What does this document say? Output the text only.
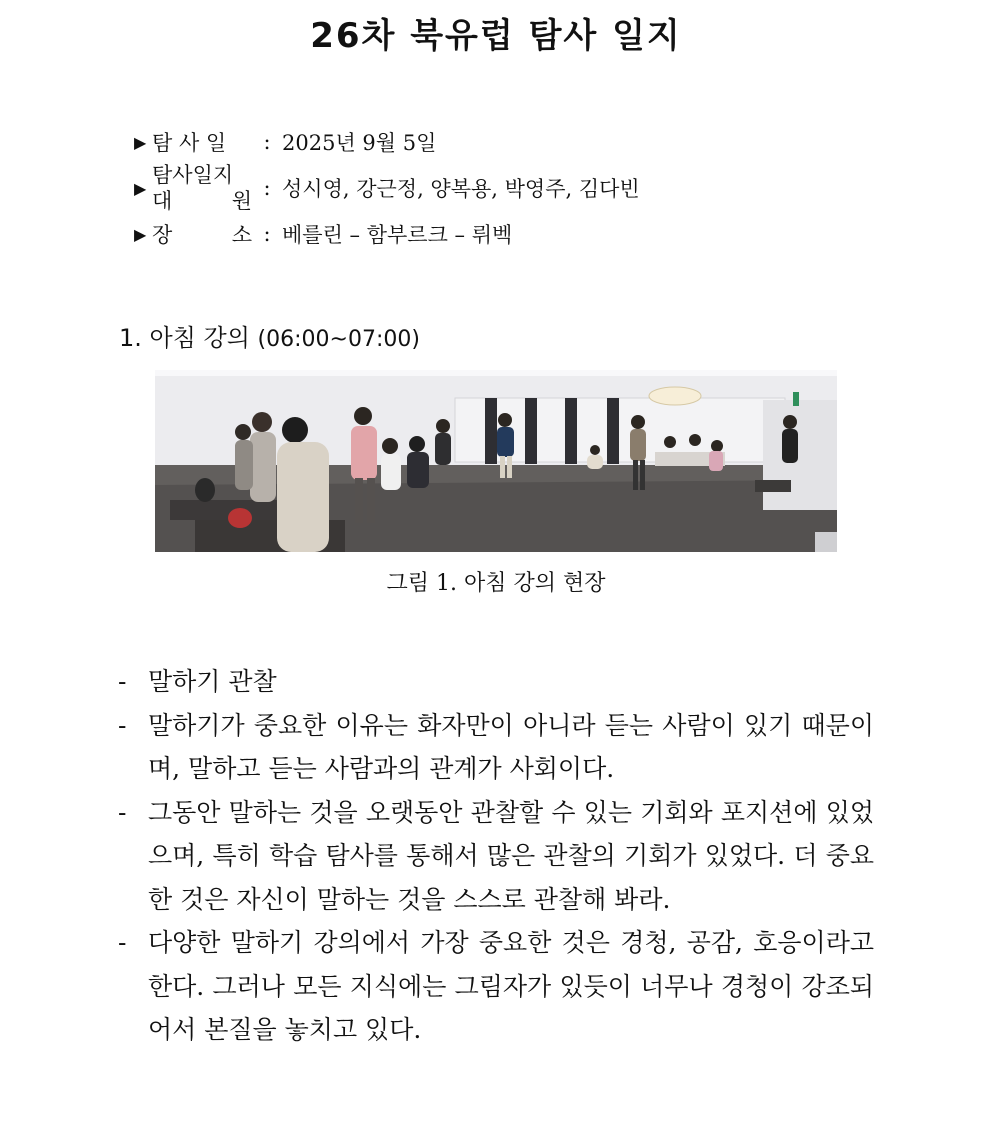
26차 북유럽 탐사 일지
▶ 탐 사 일	: 2025년 9월 5일
▶
탐사일지
대 원
: 성시영, 강근정, 양복용, 박영주, 김다빈
▶ 장 소 : 베를린 – 함부르크 – 뤼벡
1. 아침 강의 (06:00~07:00)
그림 1. 아침 강의 현장
- 말하기 관찰
- 말하기가 중요한 이유는 화자만이 아니라 듣는 사람이 있기 때문이며, 말하고 듣는 사람과의 관계가 사회이다.
- 그동안 말하는 것을 오랫동안 관찰할 수 있는 기회와 포지션에 있었으며, 특히 학습 탐사를 통해서 많은 관찰의 기회가 있었다. 더 중요한 것은 자신이 말하는 것을 스스로 관찰해 봐라.
- 다양한 말하기 강의에서 가장 중요한 것은 경청, 공감, 호응이라고 한다. 그러나 모든 지식에는 그림자가 있듯이 너무나 경청이 강조되어서 본질을 놓치고 있다.
